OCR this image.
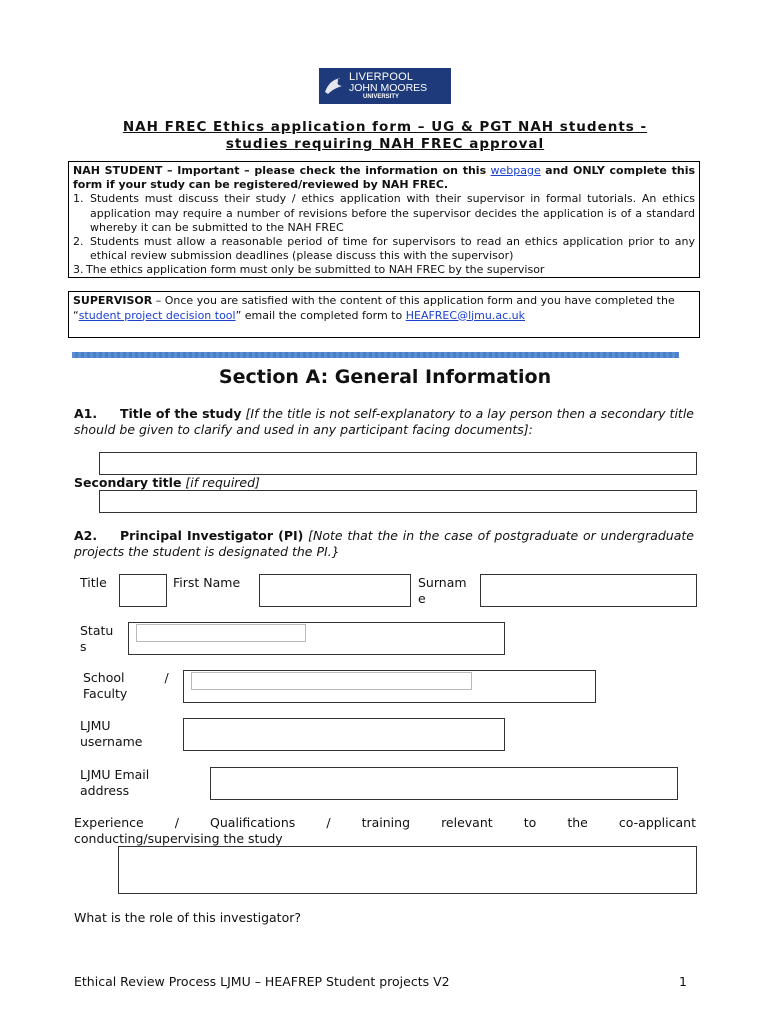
LIVERPOOL
JOHN MOORES
UNIVERSITY
NAH FREC Ethics application form – UG & PGT NAH students -
studies requiring NAH FREC approval
NAH STUDENT – Important – please check the information on this webpage and ONLY complete this form if your study can be registered/reviewed by NAH FREC.
1. Students must discuss their study / ethics application with their supervisor in formal tutorials. An ethics application may require a number of revisions before the supervisor decides the application is of a standard whereby it can be submitted to the NAH FREC
2. Students must allow a reasonable period of time for supervisors to read an ethics application prior to any ethical review submission deadlines (please discuss this with the supervisor)
3. The ethics application form must only be submitted to NAH FREC by the supervisor
SUPERVISOR – Once you are satisfied with the content of this application form and you have completed the “student project decision tool” email the completed form to HEAFREC@ljmu.ac.uk
Section A: General Information
A1. Title of the study [If the title is not self-explanatory to a lay person then a secondary title should be given to clarify and used in any participant facing documents]:
Secondary title [if required]
A2. Principal Investigator (PI) [Note that the in the case of postgraduate or undergraduate projects the student is designated the PI.}
Title	First Name	Surnam
e
Statu
s
School	/
Faculty
LJMU
username
LJMU Email
address
Experience / Qualifications / training relevant to the co-applicant
conducting/supervising the study
What is the role of this investigator?
Ethical Review Process LJMU – HEAFREP Student projects V2	1
